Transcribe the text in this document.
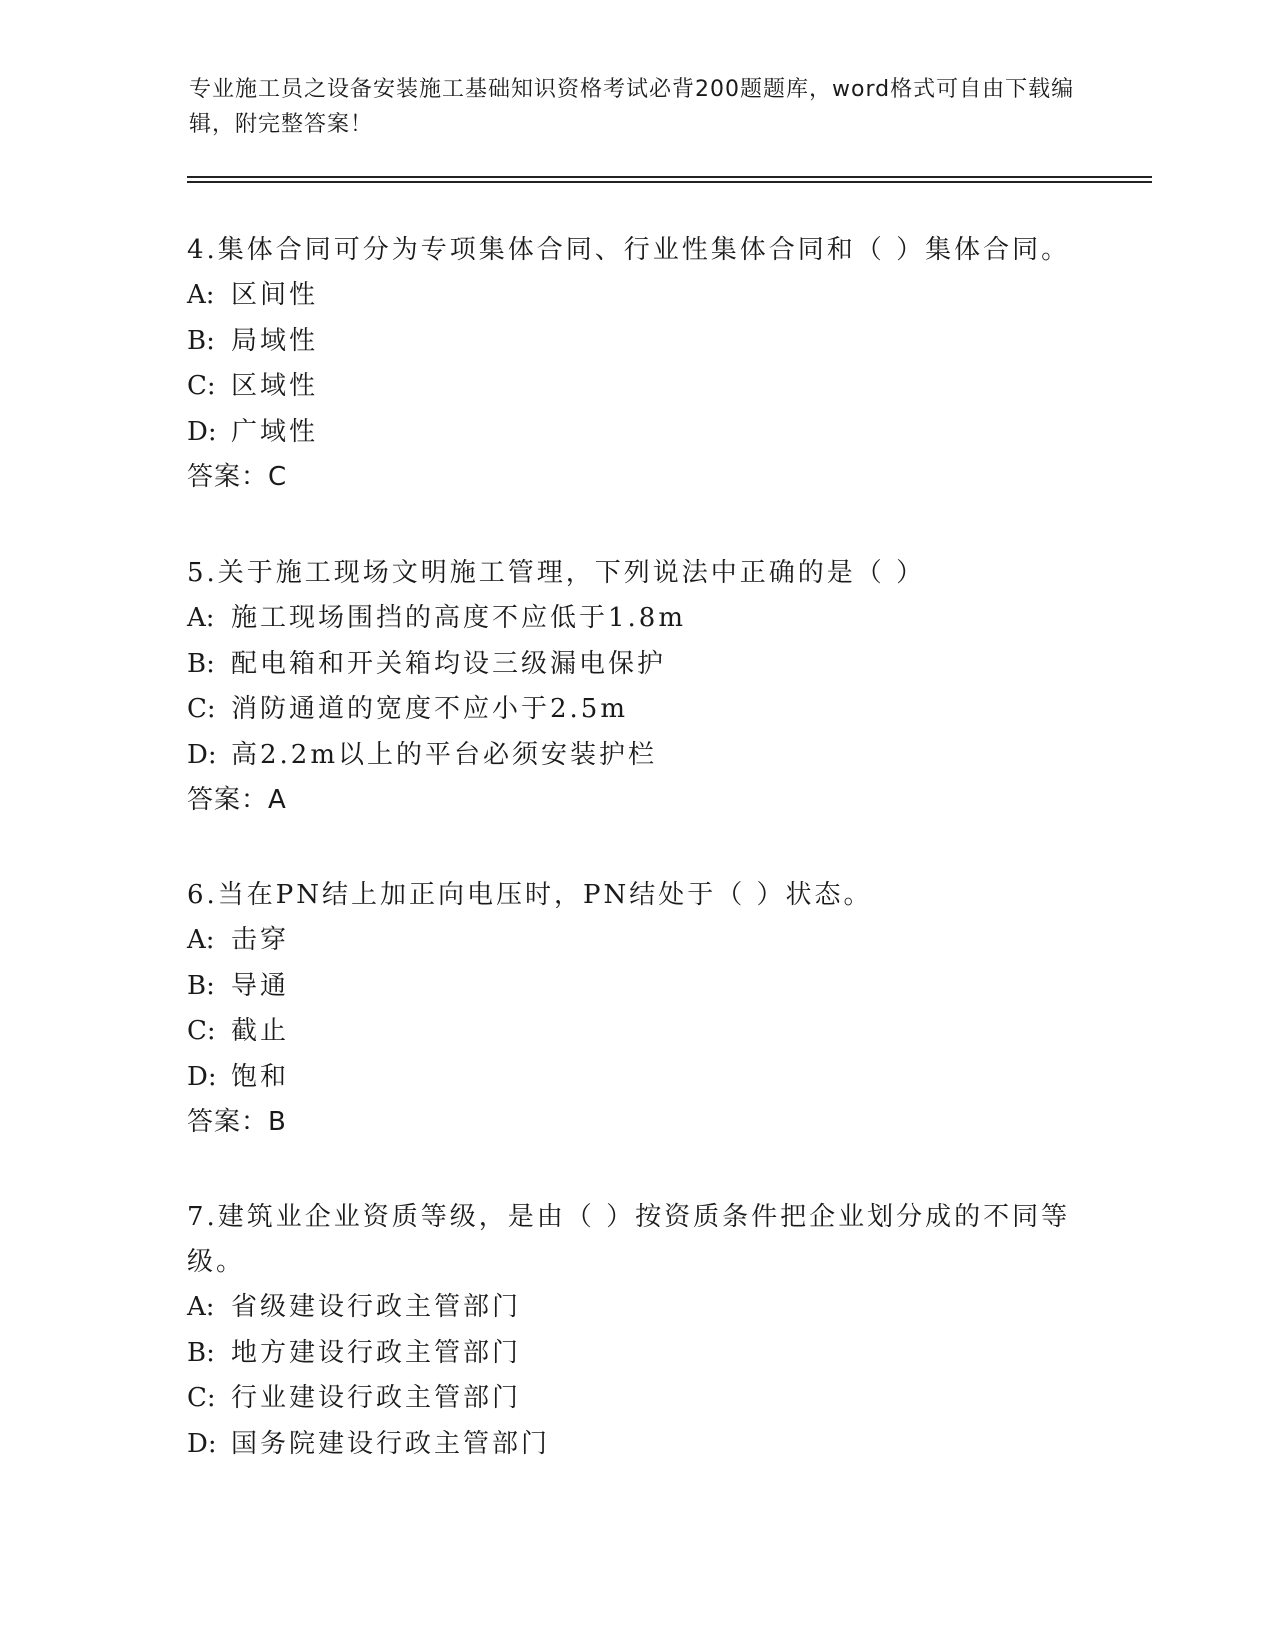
专业施工员之设备安装施工基础知识资格考试必背200题题库，word格式可自由下载编辑，附完整答案！

4.集体合同可分为专项集体合同、行业性集体合同和（ ）集体合同。

A: 区间性
B: 局域性
C: 区域性
D: 广域性
答案：C

5.关于施工现场文明施工管理，下列说法中正确的是（ ）

A: 施工现场围挡的高度不应低于1.8m
B: 配电箱和开关箱均设三级漏电保护
C: 消防通道的宽度不应小于2.5m
D: 高2.2m以上的平台必须安装护栏
答案：A

6.当在PN结上加正向电压时，PN结处于（ ）状态。

A: 击穿
B: 导通
C: 截止
D: 饱和
答案：B

7.建筑业企业资质等级，是由（ ）按资质条件把企业划分成的不同等级。

A: 省级建设行政主管部门
B: 地方建设行政主管部门
C: 行业建设行政主管部门
D: 国务院建设行政主管部门
